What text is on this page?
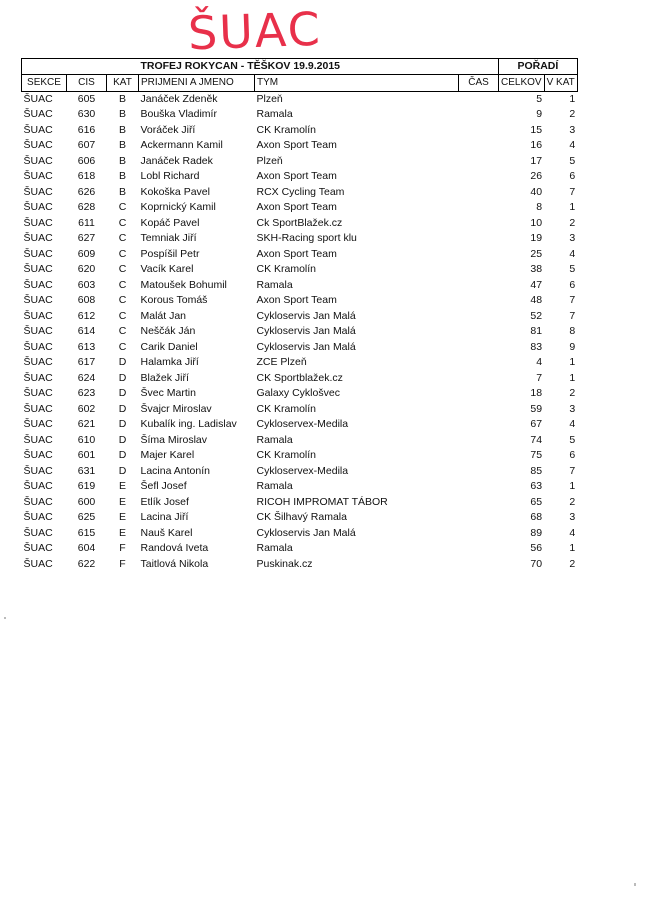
ŠUAC
TROFEJ ROKYCAN - TĚŠKOV 19.9.2015						POŘADÍ	
SEKCE	CIS	KAT	PRIJMENI A JMENO	TYM	ČAS	CELKOV	V KAT
ŠUAC	605	B	Janáček Zdeněk	Plzeň		5	1
ŠUAC	630	B	Bouška Vladimír	Ramala		9	2
ŠUAC	616	B	Voráček Jiří	CK Kramolín		15	3
ŠUAC	607	B	Ackermann Kamil	Axon Sport Team		16	4
ŠUAC	606	B	Janáček Radek	Plzeň		17	5
ŠUAC	618	B	Lobl Richard	Axon Sport Team		26	6
ŠUAC	626	B	Kokoška Pavel	RCX Cycling Team		40	7
ŠUAC	628	C	Koprnický Kamil	Axon Sport Team		8	1
ŠUAC	611	C	Kopáč Pavel	Ck SportBlažek.cz		10	2
ŠUAC	627	C	Temniak Jiří	SKH-Racing sport klu		19	3
ŠUAC	609	C	Pospíšil Petr	Axon Sport Team		25	4
ŠUAC	620	C	Vacík Karel	CK Kramolín		38	5
ŠUAC	603	C	Matoušek Bohumil	Ramala		47	6
ŠUAC	608	C	Korous Tomáš	Axon Sport Team		48	7
ŠUAC	612	C	Malát Jan	Cykloservis Jan Malá		52	7
ŠUAC	614	C	Neščák Ján	Cykloservis Jan Malá		81	8
ŠUAC	613	C	Carik Daniel	Cykloservis Jan Malá		83	9
ŠUAC	617	D	Halamka Jiří	ZCE Plzeň		4	1
ŠUAC	624	D	Blažek Jiří	CK Sportblažek.cz		7	1
ŠUAC	623	D	Švec Martin	Galaxy Cyklošvec		18	2
ŠUAC	602	D	Švajcr Miroslav	CK Kramolín		59	3
ŠUAC	621	D	Kubalík ing. Ladislav	Cykloservex-Medila		67	4
ŠUAC	610	D	Šíma Miroslav	Ramala		74	5
ŠUAC	601	D	Majer Karel	CK Kramolín		75	6
ŠUAC	631	D	Lacina Antonín	Cykloservex-Medila		85	7
ŠUAC	619	E	Šefl Josef	Ramala		63	1
ŠUAC	600	E	Etlík Josef	RICOH IMPROMAT TÁBOR		65	2
ŠUAC	625	E	Lacina Jiří	CK Šilhavý Ramala		68	3
ŠUAC	615	E	Nauš Karel	Cykloservis Jan Malá		89	4
ŠUAC	604	F	Randová Iveta	Ramala		56	1
ŠUAC	622	F	Taitlová Nikola	Puskinak.cz		70	2
